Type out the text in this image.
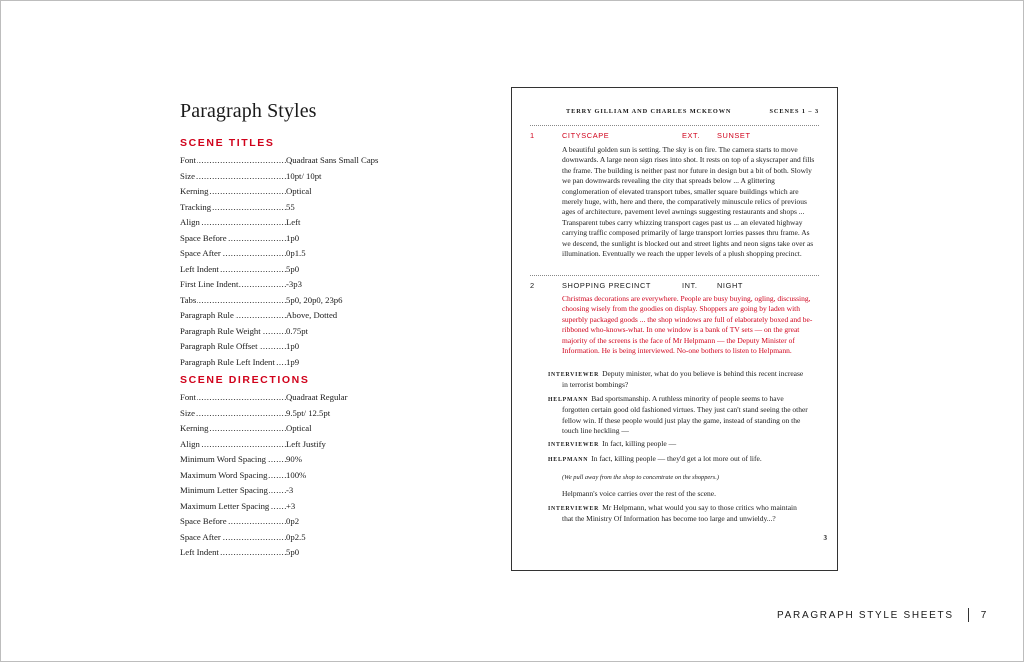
Paragraph Styles
SCENE TITLES
Font .....	Quadraat Sans Small Caps
Size .....	10pt/ 10pt
Kerning .....	Optical
Tracking .....	55
Align .....	Left
Space Before .....	1p0
Space After .....	0p1.5
Left Indent .....	5p0
First Line Indent .....	-3p3
Tabs .....	5p0, 20p0, 23p6
Paragraph Rule .....	Above, Dotted
Paragraph Rule Weight .....	0.75pt
Paragraph Rule Offset .....	1p0
Paragraph Rule Left Indent .....	1p9
SCENE DIRECTIONS
Font .....	Quadraat Regular
Size .....	9.5pt/ 12.5pt
Kerning .....	Optical
Align .....	Left Justify
Minimum Word Spacing .....	90%
Maximum Word Spacing .....	100%
Minimum Letter Spacing .....	-3
Maximum Letter Spacing .....	+3
Space Before .....	0p2
Space After .....	0p2.5
Left Indent .....	5p0
TERRY GILLIAM AND CHARLES MCKEOWN	SCENES 1 – 3
1	CITYSCAPE	EXT.	SUNSET
A beautiful golden sun is setting. The sky is on fire. The camera starts to move downwards. A large neon sign rises into shot. It rests on top of a skyscraper and fills the frame. The building is neither past nor future in design but a bit of both. Slowly we pan downwards revealing the city that spreads below ... A glittering conglomeration of elevated transport tubes, smaller square buildings which are merely huge, with, here and there, the comparatively minuscule relics of previous ages of architecture, pavement level awnings suggesting restaurants and shops ... Transparent tubes carry whizzing transport cages past us ... an elevated highway carrying traffic composed primarily of large transport lorries passes thru frame. As we descend, the sunlight is blocked out and street lights and neon signs take over as illumination. Eventually we reach the upper levels of a plush shopping precinct.
2	SHOPPING PRECINCT	INT.	NIGHT
Christmas decorations are everywhere. People are busy buying, ogling, discussing, choosing wisely from the goodies on display. Shoppers are going by laden with superbly packaged goods ... the shop windows are full of elaborately boxed and be-ribboned who-knows-what. In one window is a bank of TV sets — on the great majority of the screens is the face of Mr Helpmann — the Deputy Minister of Information. He is being interviewed. No-one bothers to listen to Helpmann.
INTERVIEWER Deputy minister, what do you believe is behind this recent increase
in terrorist bombings?
HELPMANN Bad sportsmanship. A ruthless minority of people seems to have
forgotten certain good old fashioned virtues. They just can't stand seeing the other fellow win. If these people would just play the game, instead of standing on the touch line heckling —
INTERVIEWER In fact, killing people —
HELPMANN In fact, killing people — they'd get a lot more out of life.
(We pull away from the shop to concentrate on the shoppers.)
Helpmann's voice carries over the rest of the scene.
INTERVIEWER Mr Helpmann, what would you say to those critics who maintain
that the Ministry Of Information has become too large and unwieldy...?
3
PARAGRAPH STYLE SHEETS	7
